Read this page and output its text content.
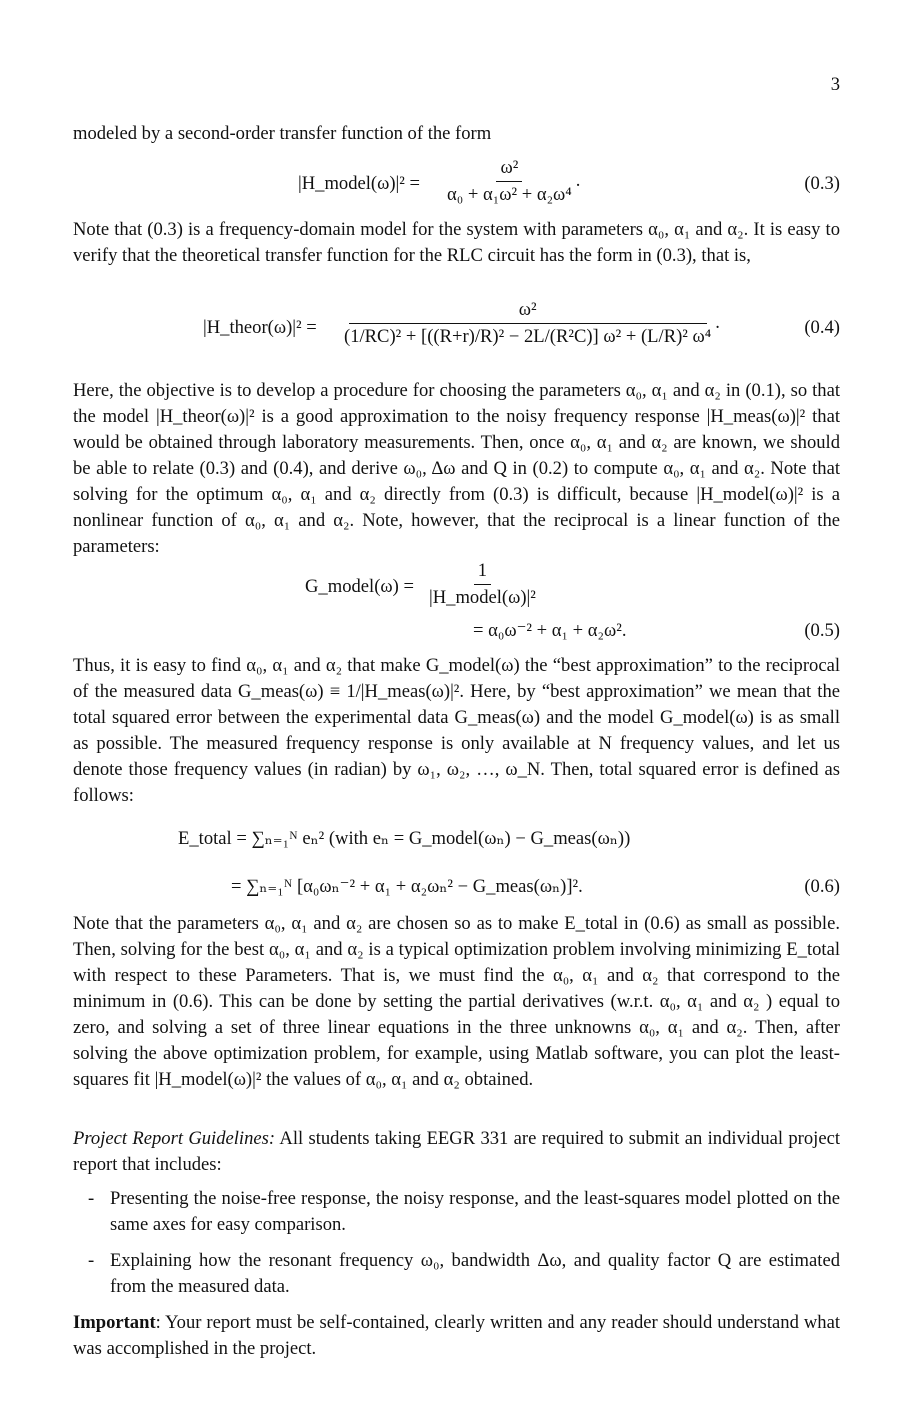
3
modeled by a second-order transfer function of the form
|H_model(ω)|² = $\frac{\text{ω²}}{\text{α₀ + α₁ω² + α₂ω⁴}}$ .	(0.3)
Note that (0.3) is a frequency-domain model for the system with parameters α₀, α₁ and α₂. It is easy to verify that the theoretical transfer function for the RLC circuit has the form in (0.3), that is,
|H_theor(ω)|² = $\frac{\text{ω²}}{\text{(1/RC)² + [((R+r)/R)² − 2L/(R²C)] ω² + (L/R)² ω⁴}}$ .	(0.4)
Here, the objective is to develop a procedure for choosing the parameters α₀, α₁ and α₂ in (0.1), so that the model |H_theor(ω)|² is a good approximation to the noisy frequency response |H_meas(ω)|² that would be obtained through laboratory measurements. Then, once α₀, α₁ and α₂ are known, we should be able to relate (0.3) and (0.4), and derive ω₀, Δω and Q in (0.2) to compute α₀, α₁ and α₂. Note that solving for the optimum α₀, α₁ and α₂ directly from (0.3) is difficult, because |H_model(ω)|² is a nonlinear function of α₀, α₁ and α₂. Note, however, that the reciprocal is a linear function of the parameters:
G_model(ω) = $\frac{1}{\text{|H\_model(ω)|²}}$
= α₀ω⁻² + α₁ + α₂ω².	(0.5)
Thus, it is easy to find α₀, α₁ and α₂ that make G_model(ω) the “best approximation” to the reciprocal of the measured data G_meas(ω) ≡ 1/|H_meas(ω)|². Here, by “best approximation” we mean that the total squared error between the experimental data G_meas(ω) and the model G_model(ω) is as small as possible. The measured frequency response is only available at N frequency values, and let us denote those frequency values (in radian) by ω₁, ω₂, …, ω_N. Then, total squared error is defined as follows:
E_total = ∑ₙ₌₁ᴺ eₙ² (with eₙ = G_model(ωₙ) − G_meas(ωₙ))
= ∑ₙ₌₁ᴺ [α₀ωₙ⁻² + α₁ + α₂ωₙ² − G_meas(ωₙ)]².	(0.6)
Note that the parameters α₀, α₁ and α₂ are chosen so as to make E_total in (0.6) as small as possible. Then, solving for the best α₀, α₁ and α₂ is a typical optimization problem involving minimizing E_total with respect to these Parameters. That is, we must find the α₀, α₁ and α₂ that correspond to the minimum in (0.6). This can be done by setting the partial derivatives (w.r.t. α₀, α₁ and α₂ ) equal to zero, and solving a set of three linear equations in the three unknowns α₀, α₁ and α₂. Then, after solving the above optimization problem, for example, using Matlab software, you can plot the least-squares fit |H_model(ω)|² the values of α₀, α₁ and α₂ obtained.
Project Report Guidelines: All students taking EEGR 331 are required to submit an individual project report that includes:
- Presenting the noise-free response, the noisy response, and the least-squares model plotted on the same axes for easy comparison.
- Explaining how the resonant frequency ω₀, bandwidth Δω, and quality factor Q are estimated from the measured data.
Important: Your report must be self-contained, clearly written and any reader should understand what was accomplished in the project.
